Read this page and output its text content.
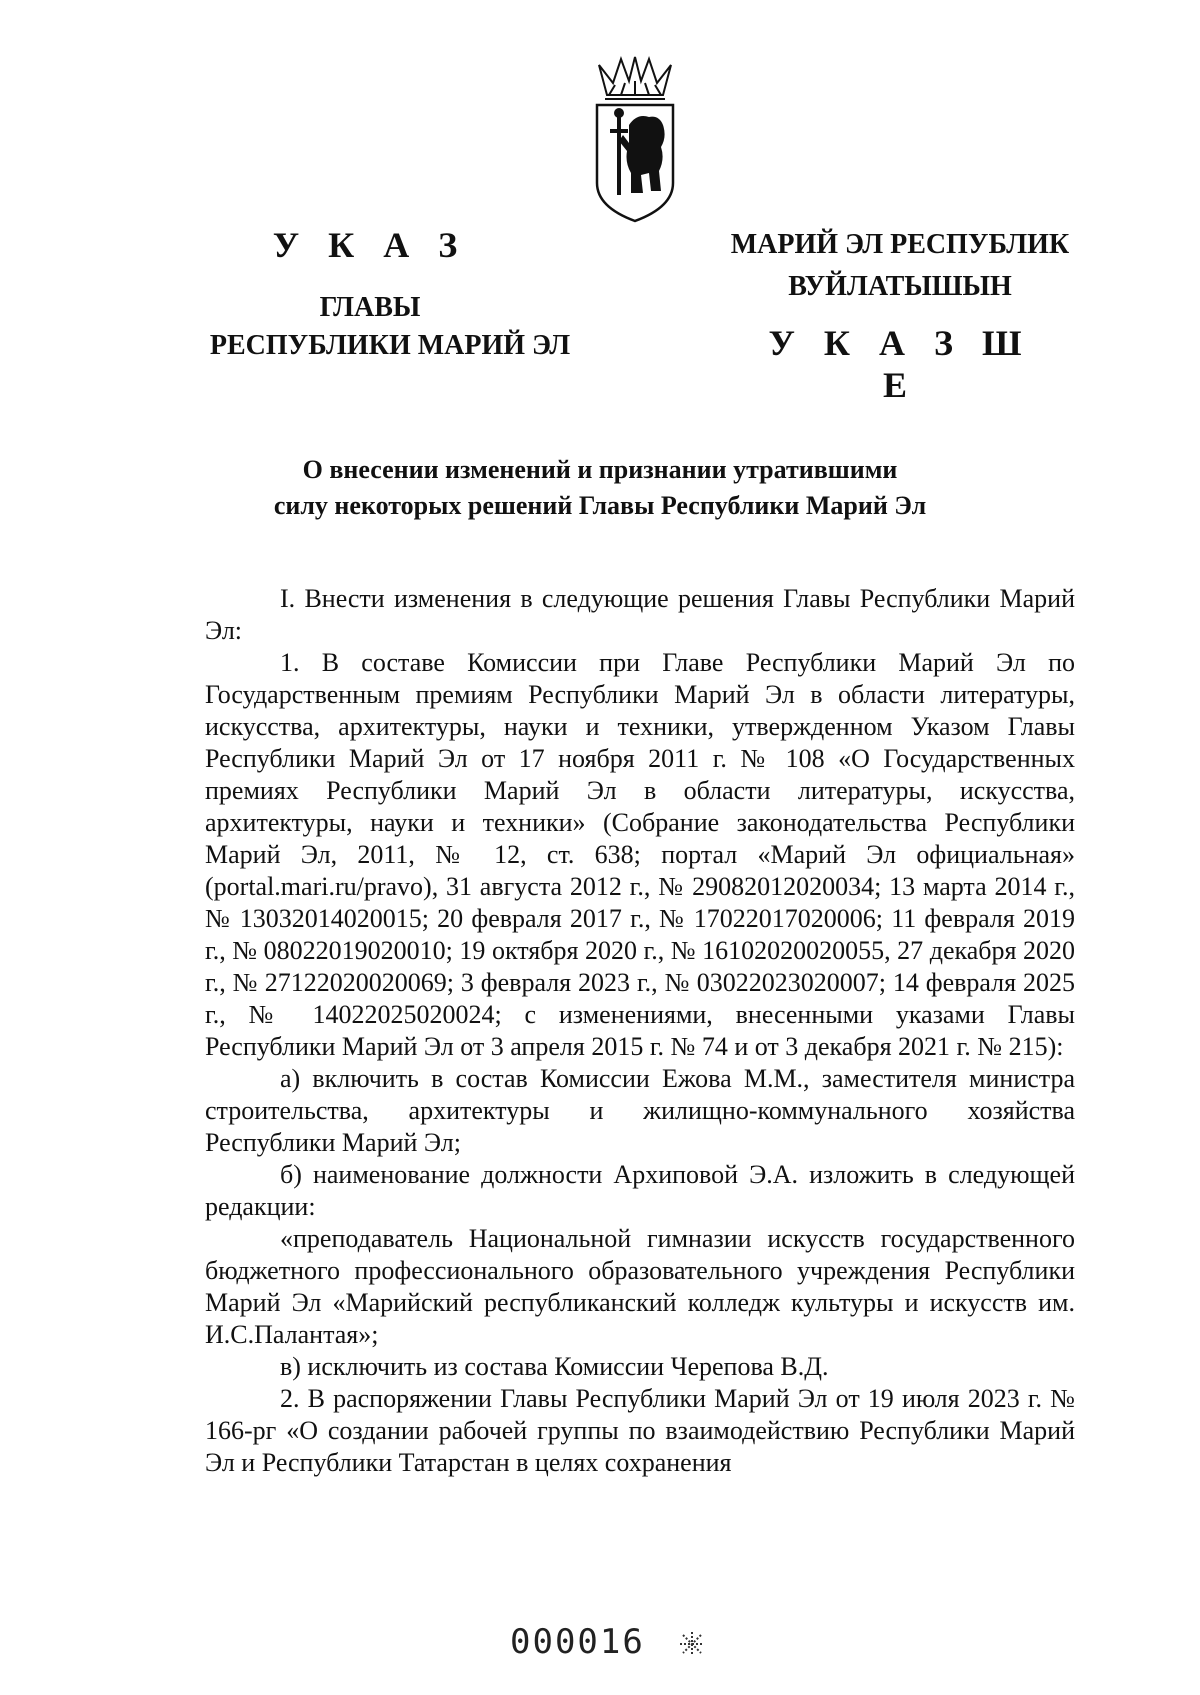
У К А З
ГЛАВЫ
РЕСПУБЛИКИ МАРИЙ ЭЛ
МАРИЙ ЭЛ РЕСПУБЛИК
ВУЙЛАТЫШЫН
У К А З Ш Е
О внесении изменений и признании утратившими
силу некоторых решений Главы Республики Марий Эл

I. Внести изменения в следующие решения Главы Республики Марий Эл:

1. В составе Комиссии при Главе Республики Марий Эл по Государственным премиям Республики Марий Эл в области литературы, искусства, архитектуры, науки и техники, утвержденном Указом Главы Республики Марий Эл от 17 ноября 2011 г. № 108 «О Государственных премиях Республики Марий Эл в области литературы, искусства, архитектуры, науки и техники» (Собрание законодательства Республики Марий Эл, 2011, № 12, ст. 638; портал «Марий Эл официальная» (portal.mari.ru/pravo), 31 августа 2012 г., № 29082012020034; 13 марта 2014 г., № 13032014020015; 20 февраля 2017 г., № 17022017020006; 11 февраля 2019 г., № 08022019020010; 19 октября 2020 г., № 16102020020055, 27 декабря 2020 г., № 27122020020069; 3 февраля 2023 г., № 03022023020007; 14 февраля 2025 г., № 14022025020024; с изменениями, внесенными указами Главы Республики Марий Эл от 3 апреля 2015 г. № 74 и от 3 декабря 2021 г. № 215):

а) включить в состав Комиссии Ежова М.М., заместителя министра строительства, архитектуры и жилищно-коммунального хозяйства Республики Марий Эл;

б) наименование должности Архиповой Э.А. изложить в следующей редакции:

«преподаватель Национальной гимназии искусств государственного бюджетного профессионального образовательного учреждения Республики Марий Эл «Марийский республиканский колледж культуры и искусств им. И.С.Палантая»;

в) исключить из состава Комиссии Черепова В.Д.

2. В распоряжении Главы Республики Марий Эл от 19 июля 2023 г. № 166-рг «О создании рабочей группы по взаимодействию Республики Марий Эл и Республики Татарстан в целях сохранения

000016
